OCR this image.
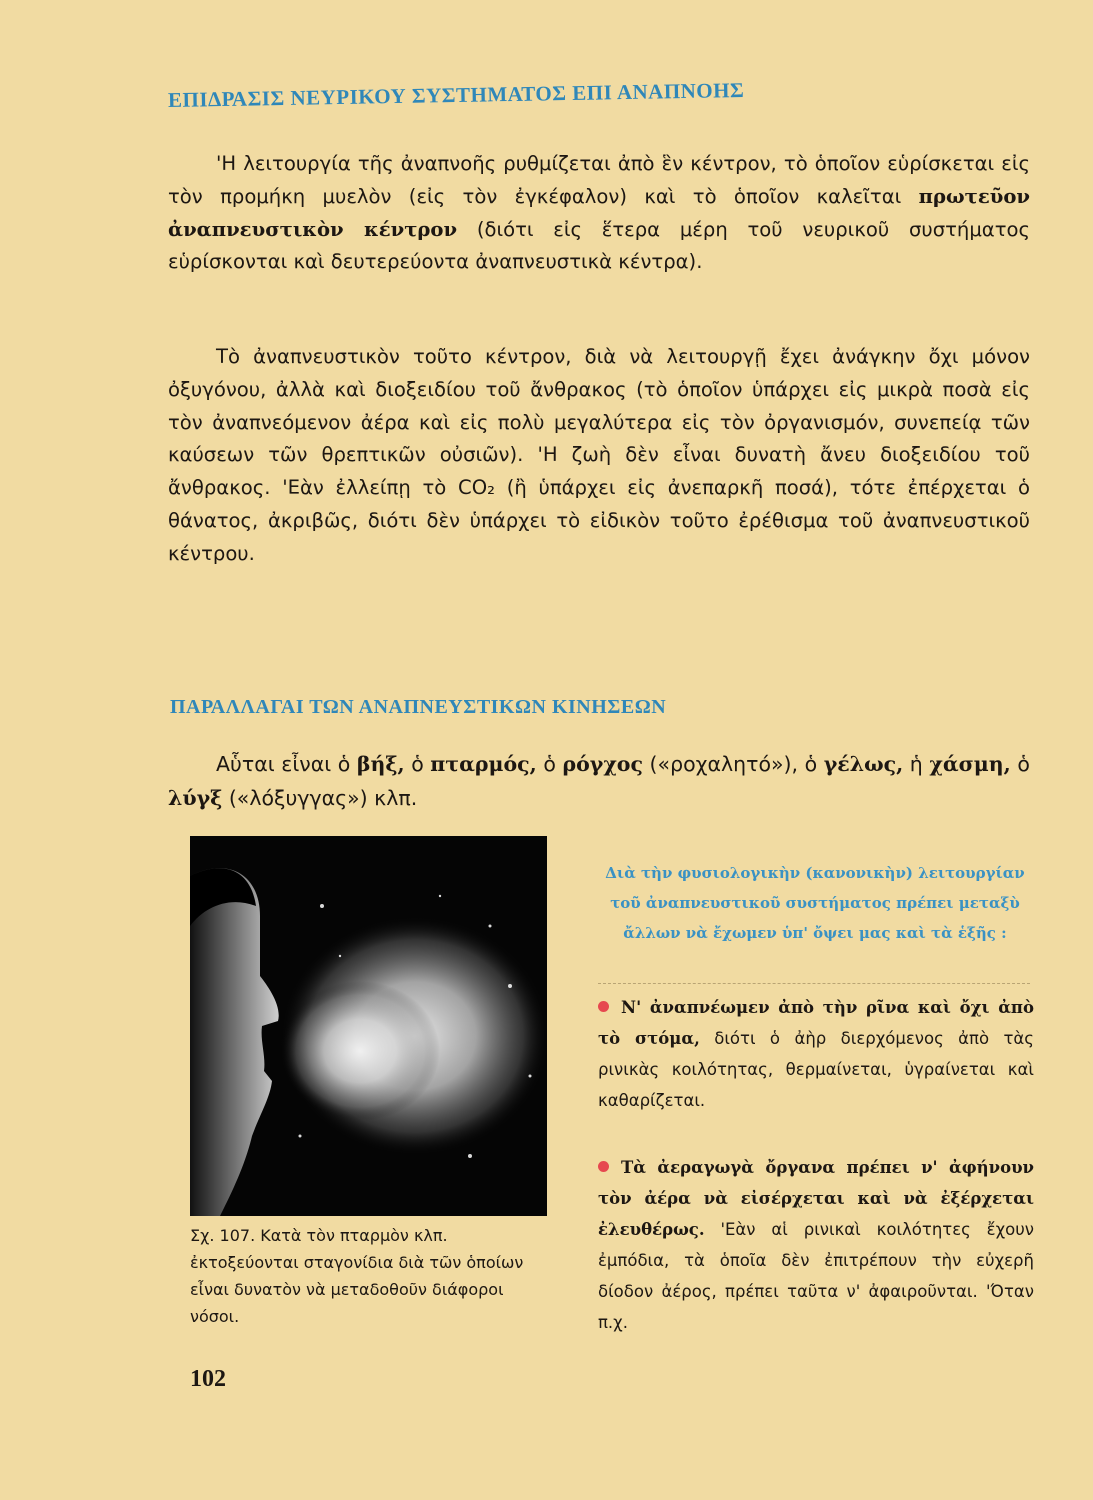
ΕΠΙΔΡΑΣΙΣ ΝΕΥΡΙΚΟΥ ΣΥΣΤΗΜΑΤΟΣ ΕΠΙ ΑΝΑΠΝΟΗΣ

'Η λειτουργία τῆς ἀναπνοῆς ρυθμίζεται ἀπὸ ἓν κέντρον, τὸ ὁποῖον εὑρίσκεται εἰς τὸν προμήκη μυελὸν (εἰς τὸν ἐγκέφαλον) καὶ τὸ ὁποῖον καλεῖται πρωτεῦον ἀναπνευστικὸν κέντρον (διότι εἰς ἕτερα μέρη τοῦ νευρικοῦ συστήματος εὑρίσκονται καὶ δευτερεύοντα ἀναπνευστικὰ κέντρα).

Τὸ ἀναπνευστικὸν τοῦτο κέντρον, διὰ νὰ λειτουργῇ ἔχει ἀνάγκην ὄχι μόνον ὀξυγόνου, ἀλλὰ καὶ διοξειδίου τοῦ ἄνθρακος (τὸ ὁποῖον ὑπάρχει εἰς μικρὰ ποσὰ εἰς τὸν ἀναπνεόμενον ἀέρα καὶ εἰς πολὺ μεγαλύτερα εἰς τὸν ὀργανισμόν, συνεπείᾳ τῶν καύσεων τῶν θρεπτικῶν οὐσιῶν). 'Η ζωὴ δὲν εἶναι δυνατὴ ἄνευ διοξειδίου τοῦ ἄνθρακος. 'Εὰν ἐλλείπῃ τὸ CO₂ (ἢ ὑπάρχει εἰς ἀνεπαρκῆ ποσά), τότε ἐπέρχεται ὁ θάνατος, ἀκριβῶς, διότι δὲν ὑπάρχει τὸ εἰδικὸν τοῦτο ἐρέθισμα τοῦ ἀναπνευστικοῦ κέντρου.

ΠΑΡΑΛΛΑΓΑΙ ΤΩΝ ΑΝΑΠΝΕΥΣΤΙΚΩΝ ΚΙΝΗΣΕΩΝ

Αὗται εἶναι ὁ βήξ, ὁ πταρμός, ὁ ρόγχος («ροχαλητό»), ὁ γέλως, ἡ χάσμη, ὁ λύγξ («λόξυγγας») κλπ.

Σχ. 107. Κατὰ τὸν πταρμὸν κλπ. ἐκτοξεύονται σταγονίδια διὰ τῶν ὁποίων εἶναι δυνατὸν νὰ μεταδοθοῦν διάφοροι νόσοι.

Διὰ τὴν φυσιολογικὴν (κανονικὴν) λειτουργίαν τοῦ ἀναπνευστικοῦ συστήματος πρέπει μεταξὺ ἄλλων νὰ ἔχωμεν ὑπ' ὄψει μας καὶ τὰ ἑξῆς :

Ν' ἀναπνέωμεν ἀπὸ τὴν ρῖνα καὶ ὄχι ἀπὸ τὸ στόμα, διότι ὁ ἀὴρ διερχόμενος ἀπὸ τὰς ρινικὰς κοιλότητας, θερμαίνεται, ὑγραίνεται καὶ καθαρίζεται.

Τὰ ἀεραγωγὰ ὄργανα πρέπει ν' ἀφήνουν τὸν ἀέρα νὰ εἰσέρχεται καὶ νὰ ἐξέρχεται ἐλευθέρως. 'Εὰν αἱ ρινικαὶ κοιλότητες ἔχουν ἐμπόδια, τὰ ὁποῖα δὲν ἐπιτρέπουν τὴν εὐχερῆ δίοδον ἀέρος, πρέπει ταῦτα ν' ἀφαιροῦνται. 'Όταν π.χ.

102
